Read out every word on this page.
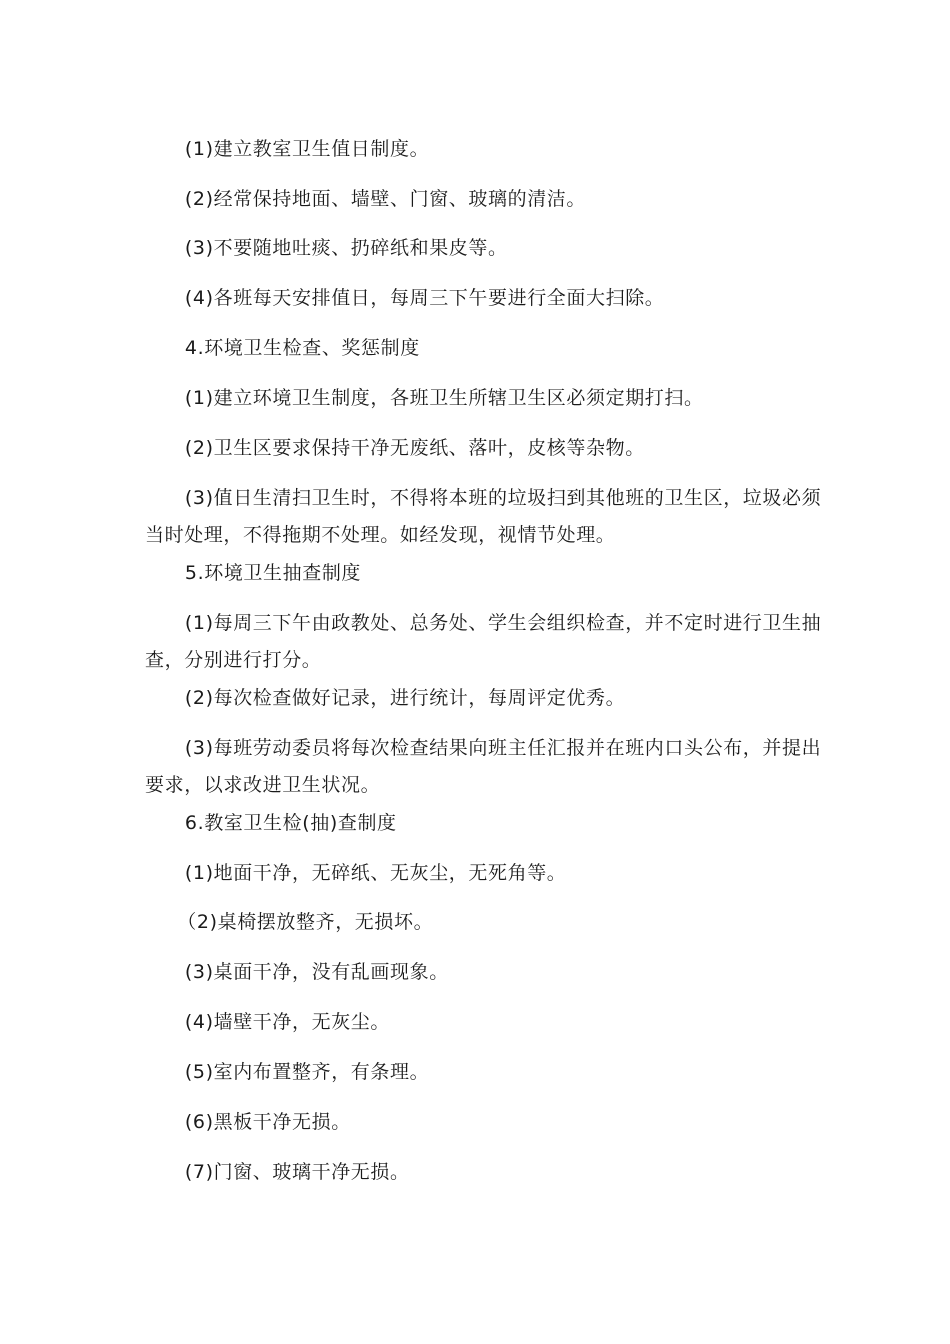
(1)建立教室卫生值日制度。
(2)经常保持地面、墙壁、门窗、玻璃的清洁。
(3)不要随地吐痰、扔碎纸和果皮等。
(4)各班每天安排值日，每周三下午要进行全面大扫除。
4.环境卫生检查、奖惩制度
(1)建立环境卫生制度，各班卫生所辖卫生区必须定期打扫。
(2)卫生区要求保持干净无废纸、落叶，皮核等杂物。
(3)值日生清扫卫生时，不得将本班的垃圾扫到其他班的卫生区，垃圾必须当时处理，不得拖期不处理。如经发现，视情节处理。
5.环境卫生抽查制度
(1)每周三下午由政教处、总务处、学生会组织检查，并不定时进行卫生抽查，分别进行打分。
(2)每次检查做好记录，进行统计，每周评定优秀。
(3)每班劳动委员将每次检查结果向班主任汇报并在班内口头公布，并提出要求，以求改进卫生状况。
6.教室卫生检(抽)查制度
(1)地面干净，无碎纸、无灰尘，无死角等。
（2)桌椅摆放整齐，无损坏。
(3)桌面干净，没有乱画现象。
(4)墙壁干净，无灰尘。
(5)室内布置整齐，有条理。
(6)黑板干净无损。
(7)门窗、玻璃干净无损。
